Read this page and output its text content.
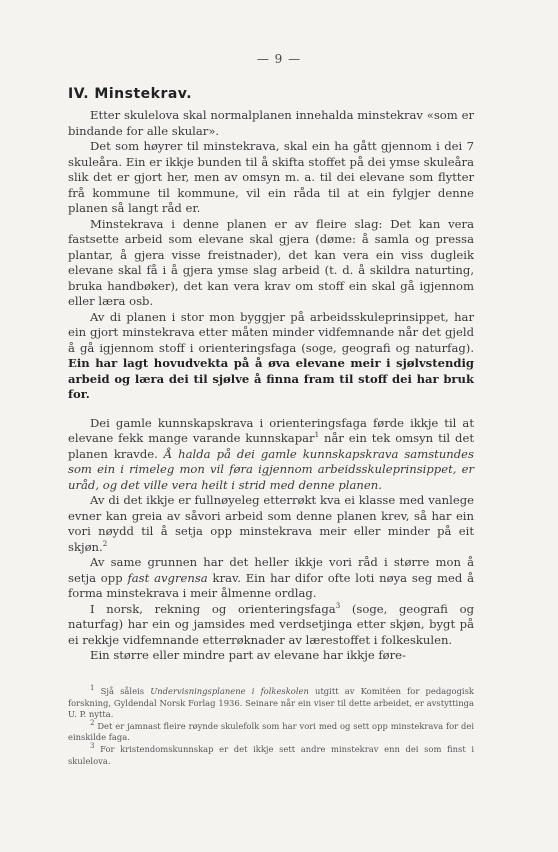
— 9 —
IV. Minstekrav.

Etter skulelova skal normalplanen innehalda minstekrav «som er bindande for alle skular».

Det som høyrer til minstekrava, skal ein ha gått gjennom i dei 7 skuleåra. Ein er ikkje bunden til å skifta stoffet på dei ymse skuleåra slik det er gjort her, men av omsyn m. a. til dei elevane som flytter frå kommune til kommune, vil ein råda til at ein fylgjer denne planen så langt råd er.

Minstekrava i denne planen er av fleire slag: Det kan vera fastsette arbeid som elevane skal gjera (døme: å samla og pressa plantar, å gjera visse freistnader), det kan vera ein viss dugleik elevane skal få i å gjera ymse slag arbeid (t. d. å skildra naturting, bruka handbøker), det kan vera krav om stoff ein skal gå igjennom eller læra osb.

Av di planen i stor mon byggjer på arbeidsskuleprinsippet, har ein gjort minstekrava etter måten minder vidfemnande når det gjeld å gå igjennom stoff i orienteringsfaga (soge, geografi og naturfag). Ein har lagt hovudvekta på å øva elevane meir i sjølvstendig arbeid og læra dei til sjølve å finna fram til stoff dei har bruk for.

Dei gamle kunnskapskrava i orienteringsfaga førde ikkje til at elevane fekk mange varande kunnskapar$^1$ når ein tek omsyn til det planen kravde. Å halda på dei gamle kunnskapskrava samstundes som ein i rimeleg mon vil føra igjennom arbeidsskuleprinsippet, er uråd, og det ville vera heilt i strid med denne planen.

Av di det ikkje er fullnøyeleg etterrøkt kva ei klasse med vanlege evner kan greia av såvori arbeid som denne planen krev, så har ein vori nøydd til å setja opp minstekrava meir eller minder på eit skjøn.$^2$

Av same grunnen har det heller ikkje vori råd i større mon å setja opp fast avgrensa krav. Ein har difor ofte loti nøya seg med å forma minstekrava i meir ålmenne ordlag.

I norsk, rekning og orienteringsfaga$^3$ (soge, geografi og naturfag) har ein og jamsides med verdsetjinga etter skjøn, bygt på ei rekkje vidfemnande etterrøknader av lærestoffet i folkeskulen.

Ein større eller mindre part av elevane har ikkje føre-

$^1$ Sjå såleis Undervisningsplanene i folkeskolen utgitt av Komitéen for pedagogisk forskning, Gyldendal Norsk Forlag 1936. Seinare når ein viser til dette arbeidet, er avstyttinga U. P. nytta.

$^2$ Det er jamnast fleire røynde skulefolk som har vori med og sett opp minstekrava for dei einskilde faga.

$^3$ For kristendomskunnskap er det ikkje sett andre minstekrav enn dei som finst i skulelova.
